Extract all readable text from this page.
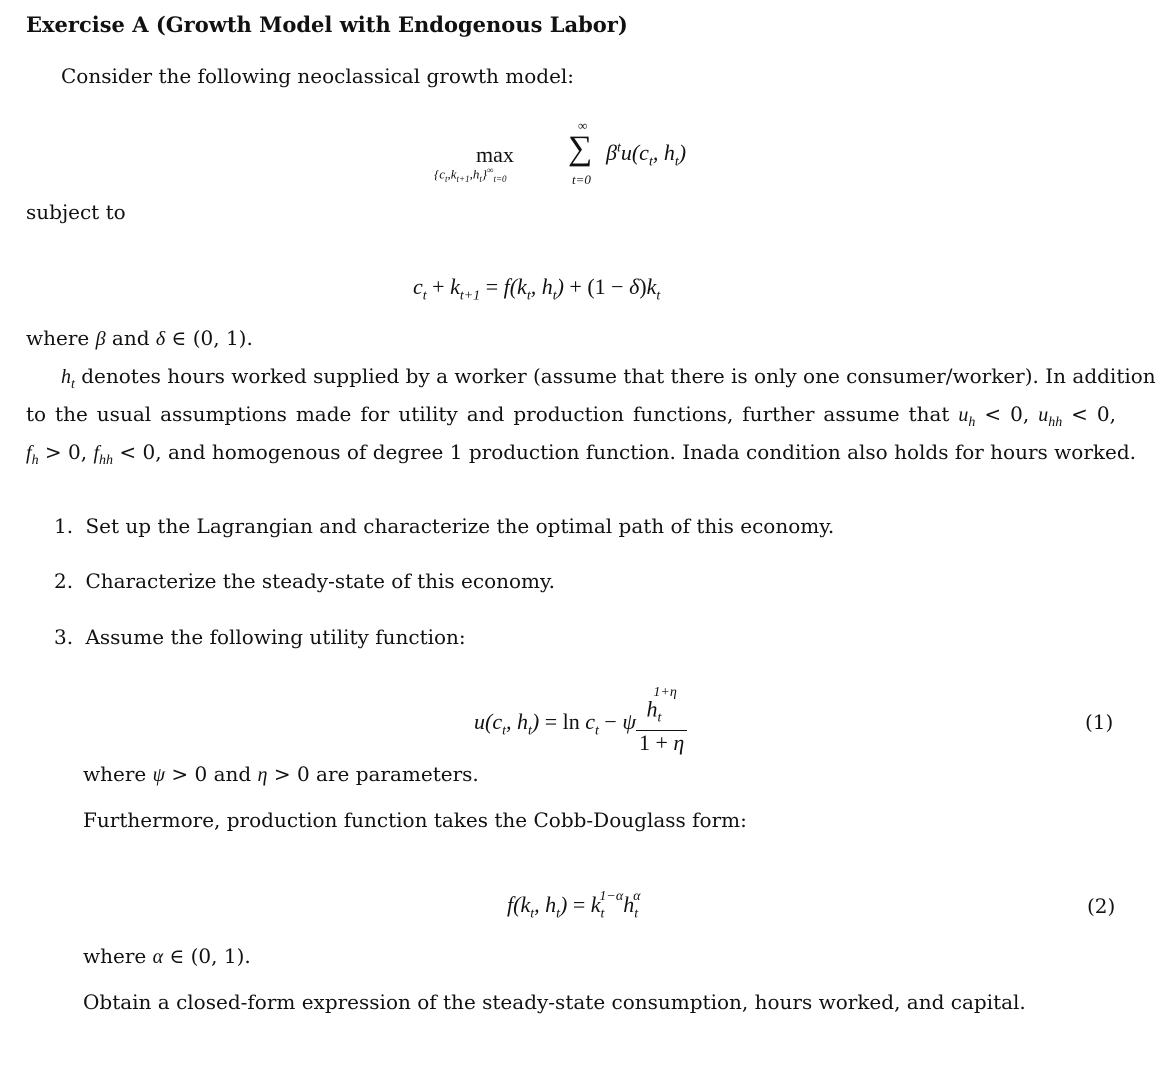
Exercise A (Growth Model with Endogenous Labor)
Consider the following neoclassical growth model:
max
$\{c_t,k_{t+1},h_t\}^\infty_{t=0}$
∞
∑
t=0
$\beta^tu(c_t$, $h_t$)
subject to
$c_t + k_{t+1} = f(k_t$, $h_t) + (1 - \delta)k_t$
where β and δ ∈ (0, 1).
$h_t$ denotes hours worked supplied by a worker (assume that there is only one consumer/worker). In addition
to the usual assumptions made for utility and production functions, further assume that $u_h < 0$, $u_{hh} < 0$,
$f_h > 0$, $f_{hh} < 0$, and homogenous of degree 1 production function. Inada condition also holds for hours worked.
1. Set up the Lagrangian and characterize the optimal path of this economy.
2. Characterize the steady-state of this economy.
3. Assume the following utility function:
$u(c_t$, $h_t) = \ln c_t - \psi \frac{h_t^{1+\eta}}{1 + \eta}$	(1)
where ψ > 0 and η > 0 are parameters.
Furthermore, production function takes the Cobb-Douglass form:
$f(k_t$, $h_t) = k_t^{1-\alpha}h_t^\alpha$	(2)
where α ∈ (0, 1).
Obtain a closed-form expression of the steady-state consumption, hours worked, and capital.
